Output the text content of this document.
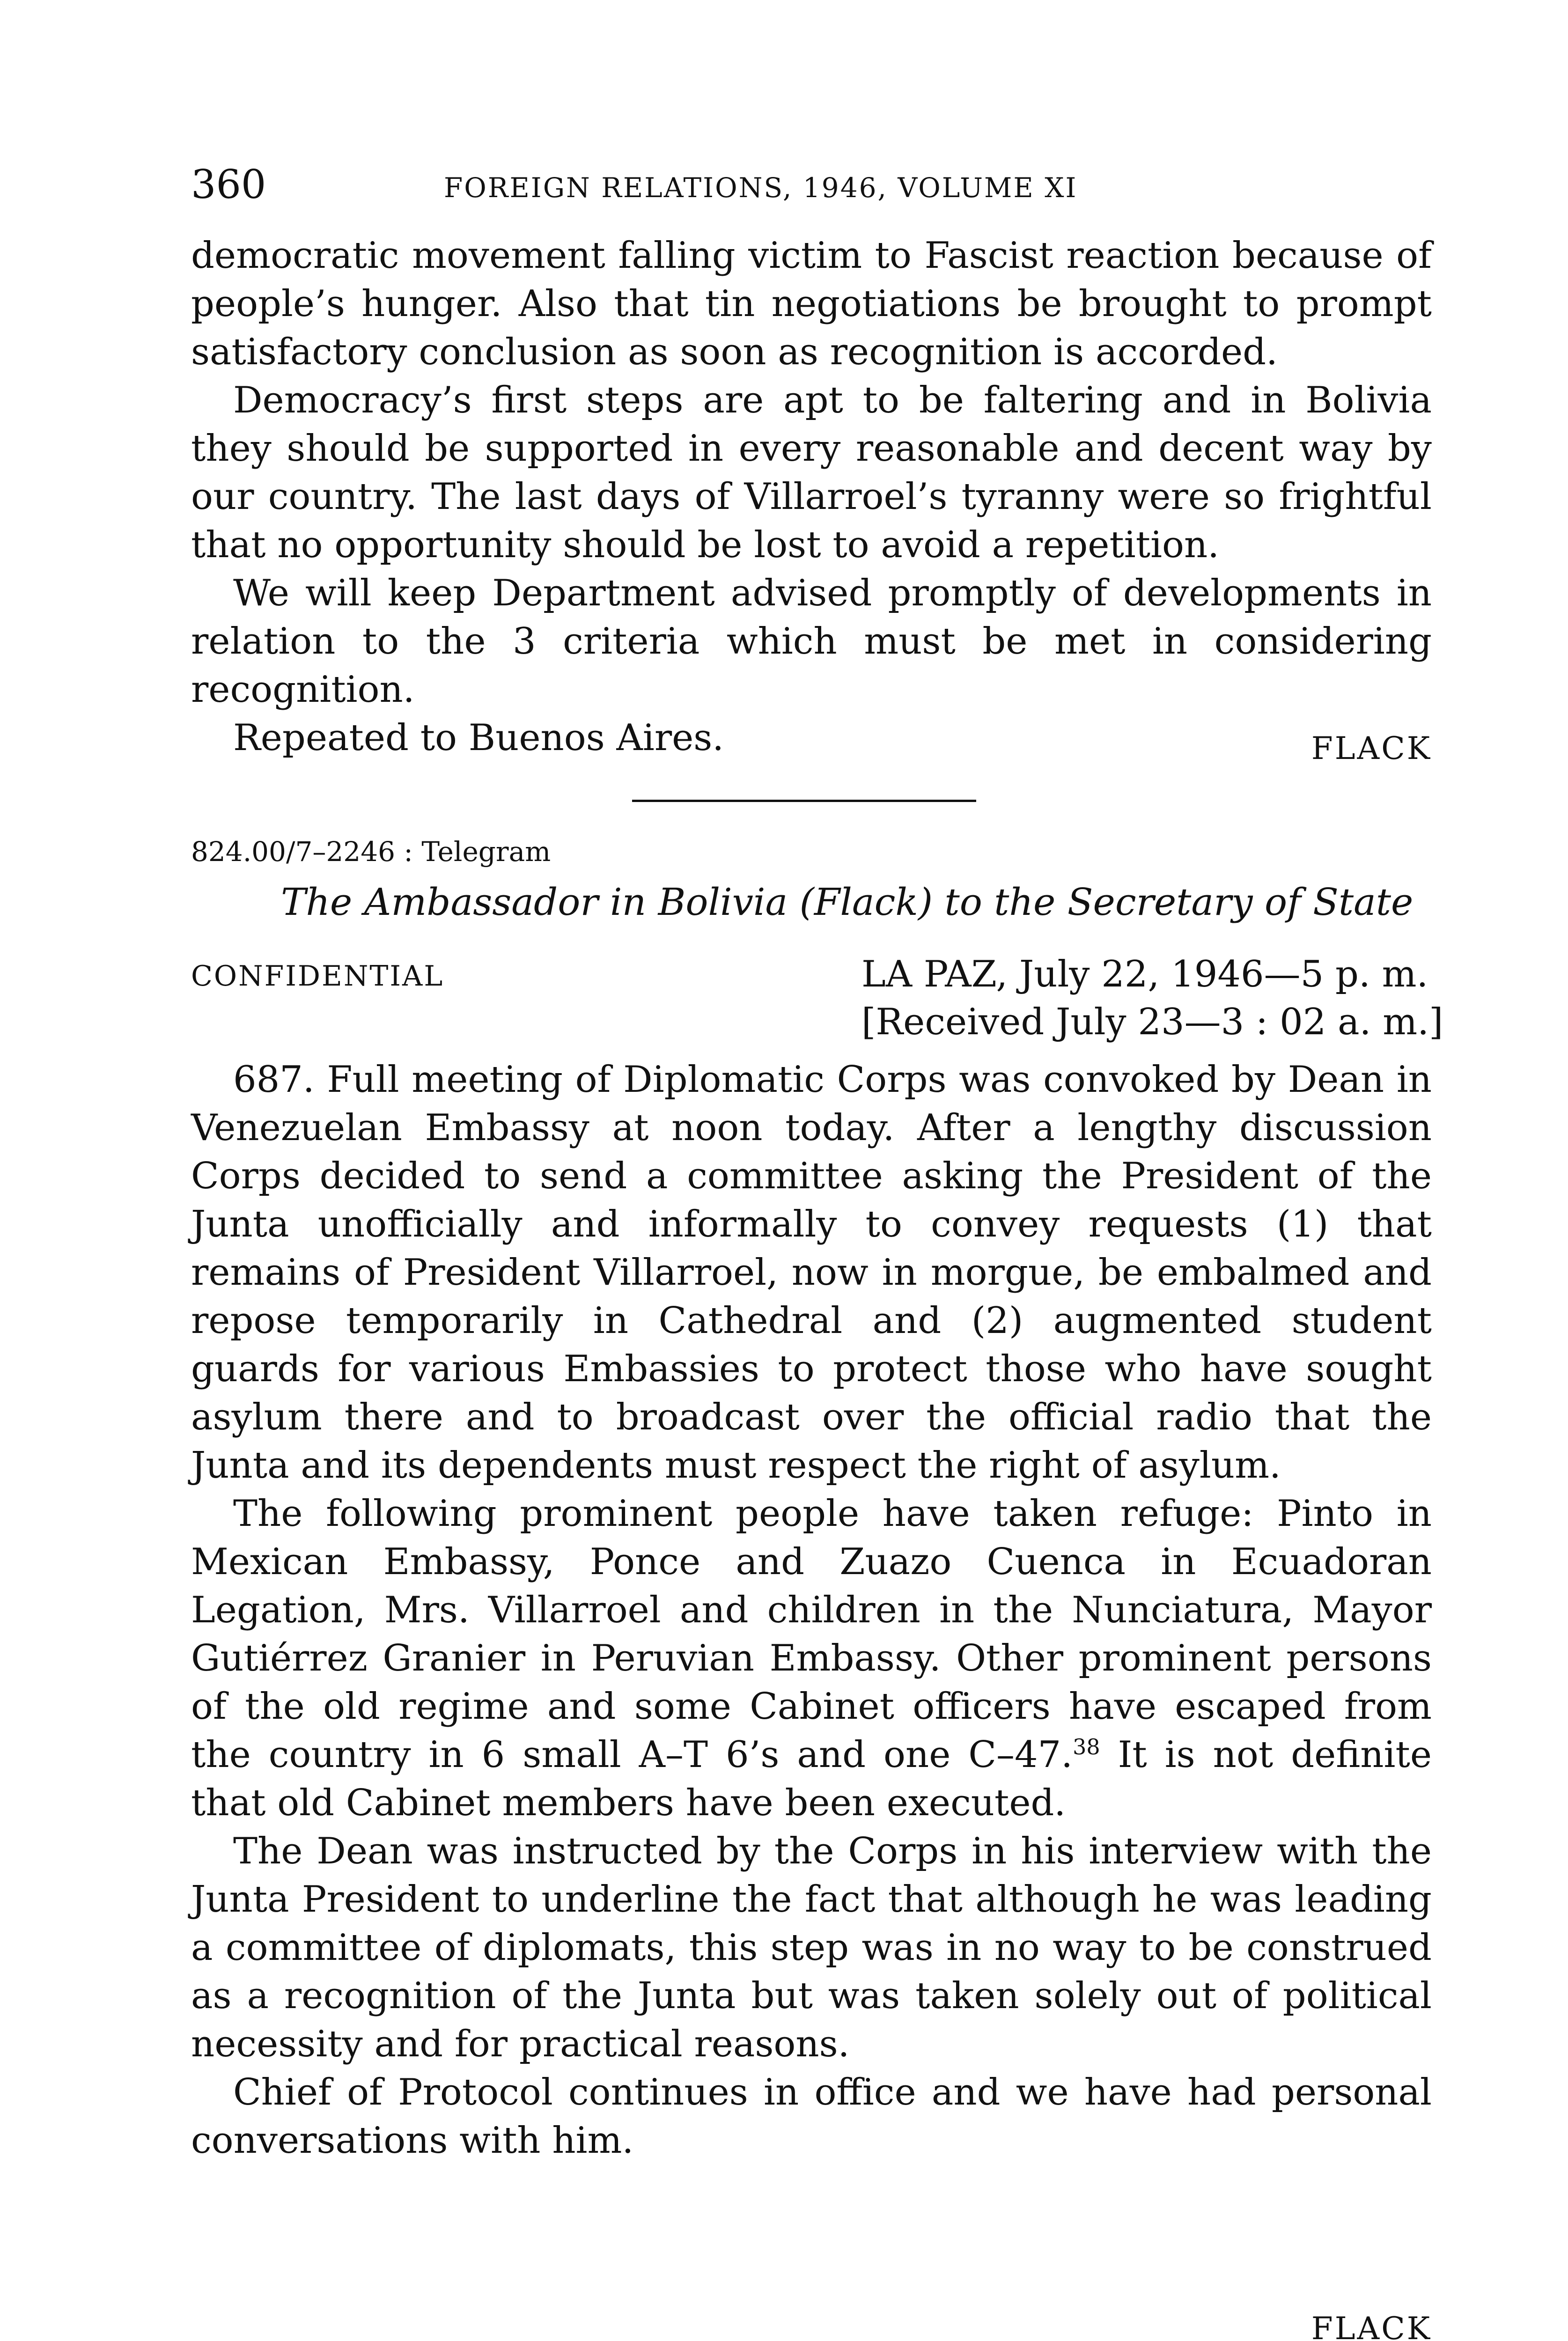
360	FOREIGN RELATIONS, 1946, VOLUME XI

democratic movement falling victim to Fascist reaction because of people’s hunger. Also that tin negotiations be brought to prompt satisfactory conclusion as soon as recognition is accorded.

Democracy’s first steps are apt to be faltering and in Bolivia they should be supported in every reasonable and decent way by our country. The last days of Villarroel’s tyranny were so frightful that no opportunity should be lost to avoid a repetition.

We will keep Department advised promptly of developments in relation to the 3 criteria which must be met in considering recognition.

Repeated to Buenos Aires.	FLACK
824.00/7–2246 : Telegram
The Ambassador in Bolivia (Flack) to the Secretary of State
CONFIDENTIAL	LA PAZ, July 22, 1946—5 p. m.
[Received July 23—3 : 02 a. m.]

687. Full meeting of Diplomatic Corps was convoked by Dean in Venezuelan Embassy at noon today. After a lengthy discussion Corps decided to send a committee asking the President of the Junta unofficially and informally to convey requests (1) that remains of President Villarroel, now in morgue, be embalmed and repose temporarily in Cathedral and (2) augmented student guards for various Embassies to protect those who have sought asylum there and to broadcast over the official radio that the Junta and its dependents must respect the right of asylum.

The following prominent people have taken refuge: Pinto in Mexican Embassy, Ponce and Zuazo Cuenca in Ecuadoran Legation, Mrs. Villarroel and children in the Nunciatura, Mayor Gutiérrez Granier in Peruvian Embassy. Other prominent persons of the old regime and some Cabinet officers have escaped from the country in 6 small A–T 6’s and one C–47.38 It is not definite that old Cabinet members have been executed.

The Dean was instructed by the Corps in his interview with the Junta President to underline the fact that although he was leading a committee of diplomats, this step was in no way to be construed as a recognition of the Junta but was taken solely out of political necessity and for practical reasons.

Chief of Protocol continues in office and we have had personal conversations with him.

FLACK
